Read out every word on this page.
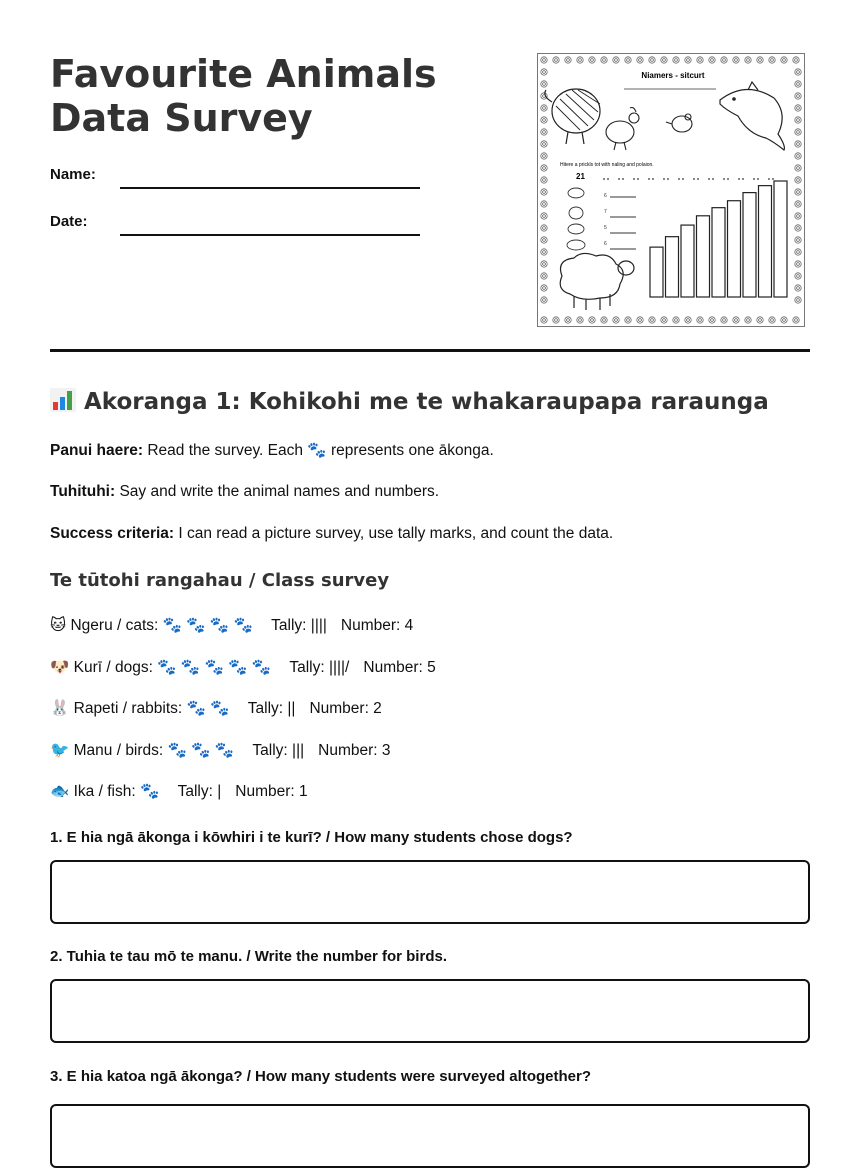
Favourite Animals Data Survey
Name:
Date:
Niamers - sitcurt
Hitere a prickls tot with naling and polaion.
21
6
7
5
6
Akoranga 1: Kohikohi me te whakaraupapa raraunga
Panui haere: Read the survey. Each 🐾 represents one ākonga.
Tuhituhi: Say and write the animal names and numbers.
Success criteria: I can read a picture survey, use tally marks, and count the data.
Te tūtohi rangahau / Class survey
🐱 Ngeru / cats: 🐾 🐾 🐾 🐾 Tally: |||| Number: 4
🐶 Kurī / dogs: 🐾 🐾 🐾 🐾 🐾 Tally: ||||/ Number: 5
🐰 Rapeti / rabbits: 🐾 🐾 Tally: || Number: 2
🐦 Manu / birds: 🐾 🐾 🐾 Tally: ||| Number: 3
🐟 Ika / fish: 🐾 Tally: | Number: 1
1. E hia ngā ākonga i kōwhiri i te kurī? / How many students chose dogs?
2. Tuhia te tau mō te manu. / Write the number for birds.
3. E hia katoa ngā ākonga? / How many students were surveyed altogether?
